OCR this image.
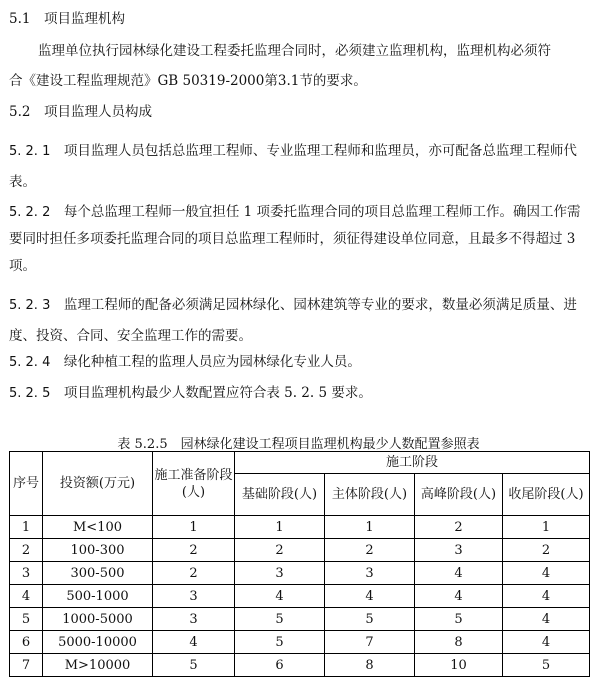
5.1　项目监理机构
监理单位执行园林绿化建设工程委托监理合同时，必须建立监理机构，监理机构必须符
合《建设工程监理规范》GB 50319-2000第3.1节的要求。
5.2　项目监理人员构成
5. 2. 1　 项目监理人员包括总监理工程师、专业监理工程师和监理员，亦可配备总监理工程师代表。
5. 2. 2　 每个总监理工程师一般宜担任 1 项委托监理合同的项目总监理工程师工作。确因工作需要同时担任多项委托监理合同的项目总监理工程师时，须征得建设单位同意，且最多不得超过 3 项。
5. 2. 3　 监理工程师的配备必须满足园林绿化、园林建筑等专业的要求，数量必须满足质量、进度、投资、合同、安全监理工作的需要。
5. 2. 4　 绿化种植工程的监理人员应为园林绿化专业人员。
5. 2. 5　 项目监理机构最少人数配置应符合表 5. 2. 5 要求。
表 5.2.5　园林绿化建设工程项目监理机构最少人数配置参照表
序号	投资额(万元)	施工准备阶段(人)	施工阶段			
			基础阶段(人)	主体阶段(人)	高峰阶段(人)	收尾阶段(人)
1	M<100	1	1	1	2	1
2	100-300	2	2	2	3	2
3	300-500	2	3	3	4	4
4	500-1000	3	4	4	4	4
5	1000-5000	3	5	5	5	4
6	5000-10000	4	5	7	8	4
7	M>10000	5	6	8	10	5
